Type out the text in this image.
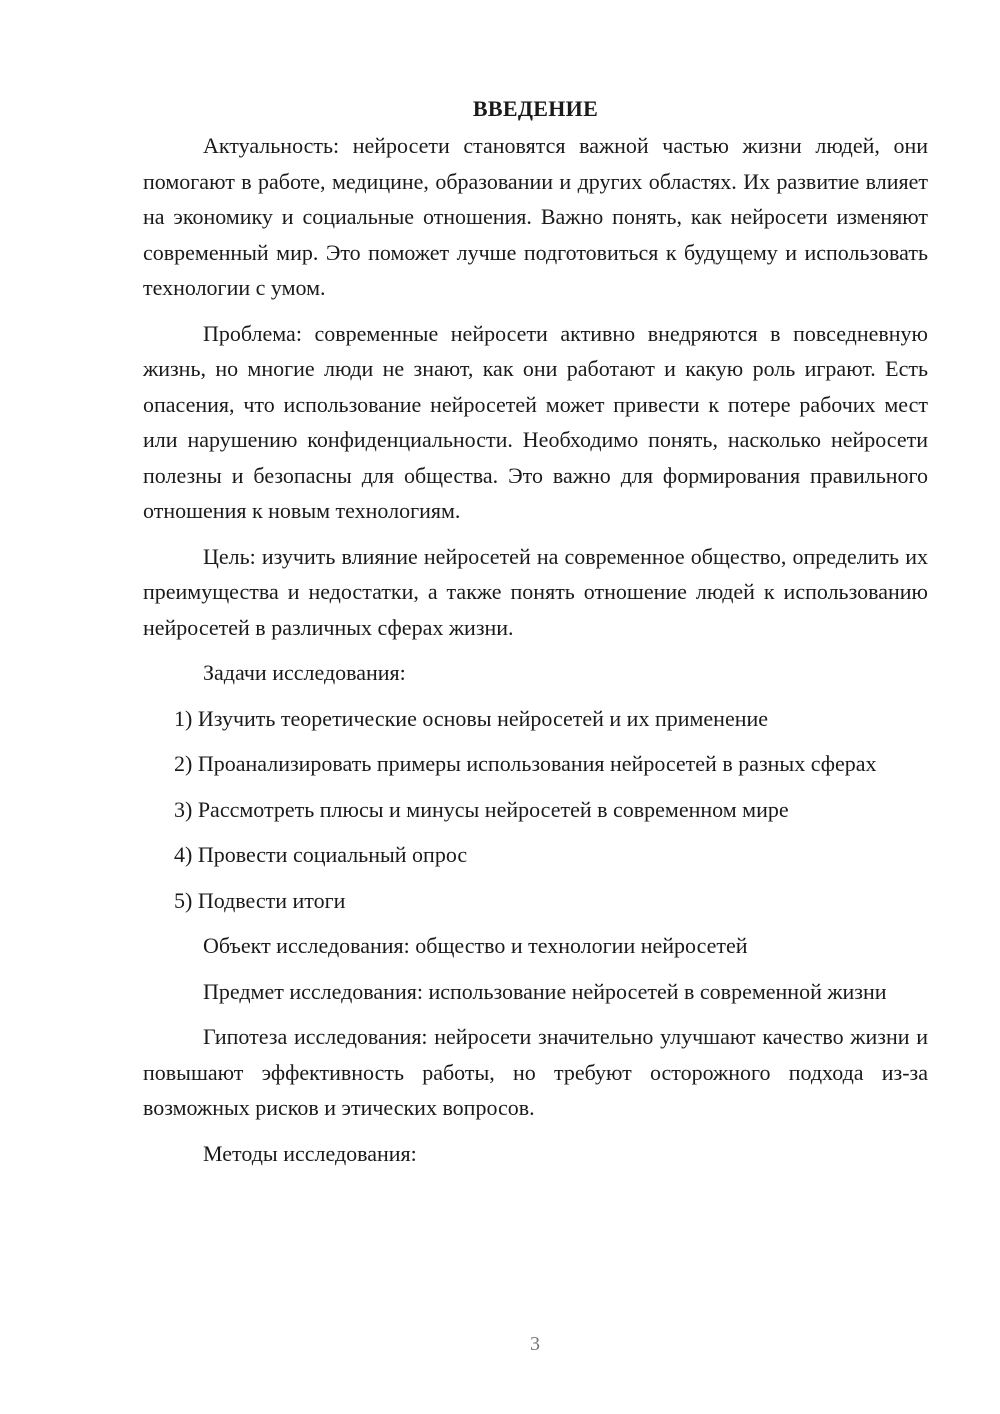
ВВЕДЕНИЕ

Актуальность: нейросети становятся важной частью жизни людей, они помогают в работе, медицине, образовании и других областях. Их развитие влияет на экономику и социальные отношения. Важно понять, как нейросети изменяют современный мир. Это поможет лучше подготовиться к будущему и использовать технологии с умом.

Проблема: современные нейросети активно внедряются в повседневную жизнь, но многие люди не знают, как они работают и какую роль играют. Есть опасения, что использование нейросетей может привести к потере рабочих мест или нарушению конфиденциальности. Необходимо понять, насколько нейросети полезны и безопасны для общества. Это важно для формирования правильного отношения к новым технологиям.

Цель: изучить влияние нейросетей на современное общество, определить их преимущества и недостатки, а также понять отношение людей к использованию нейросетей в различных сферах жизни.

Задачи исследования:

1) Изучить теоретические основы нейросетей и их применение

2) Проанализировать примеры использования нейросетей в разных сферах

3) Рассмотреть плюсы и минусы нейросетей в современном мире

4) Провести социальный опрос

5) Подвести итоги

Объект исследования: общество и технологии нейросетей

Предмет исследования: использование нейросетей в современной жизни

Гипотеза исследования: нейросети значительно улучшают качество жизни и повышают эффективность работы, но требуют осторожного подхода из-за возможных рисков и этических вопросов.

Методы исследования:

3
